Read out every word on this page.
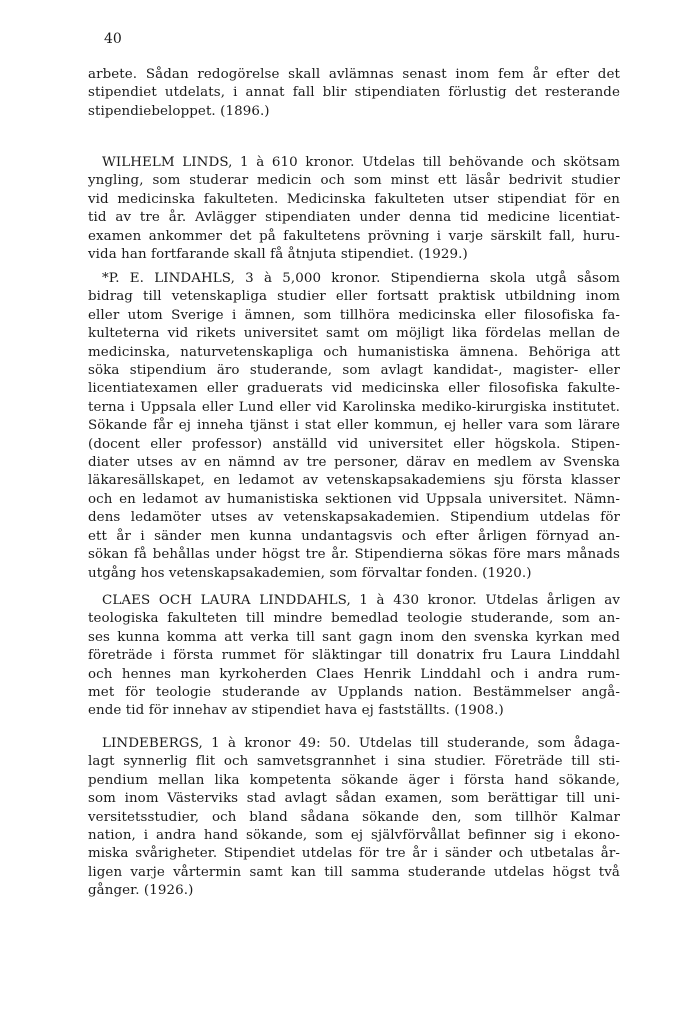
40
arbete. Sådan redogörelse skall avlämnas senast inom fem år efter det
stipendiet utdelats, i annat fall blir stipendiaten förlustig det resterande
stipendiebeloppet. (1896.)
WILHELM LINDS, 1 à 610 kronor. Utdelas till behövande och skötsam
yngling, som studerar medicin och som minst ett läsår bedrivit studier
vid medicinska fakulteten. Medicinska fakulteten utser stipendiat för en
tid av tre år. Avlägger stipendiaten under denna tid medicine licentiat-
examen ankommer det på fakultetens prövning i varje särskilt fall, huru-
vida han fortfarande skall få åtnjuta stipendiet. (1929.)
*P. E. LINDAHLS, 3 à 5,000 kronor. Stipendierna skola utgå såsom
bidrag till vetenskapliga studier eller fortsatt praktisk utbildning inom
eller utom Sverige i ämnen, som tillhöra medicinska eller filosofiska fa-
kulteterna vid rikets universitet samt om möjligt lika fördelas mellan de
medicinska, naturvetenskapliga och humanistiska ämnena. Behöriga att
söka stipendium äro studerande, som avlagt kandidat-, magister- eller
licentiatexamen eller graduerats vid medicinska eller filosofiska fakulte-
terna i Uppsala eller Lund eller vid Karolinska mediko-kirurgiska institutet.
Sökande får ej inneha tjänst i stat eller kommun, ej heller vara som lärare
(docent eller professor) anställd vid universitet eller högskola. Stipen-
diater utses av en nämnd av tre personer, därav en medlem av Svenska
läkaresällskapet, en ledamot av vetenskapsakademiens sju första klasser
och en ledamot av humanistiska sektionen vid Uppsala universitet. Nämn-
dens ledamöter utses av vetenskapsakademien. Stipendium utdelas för
ett år i sänder men kunna undantagsvis och efter årligen förnyad an-
sökan få behållas under högst tre år. Stipendierna sökas före mars månads
utgång hos vetenskapsakademien, som förvaltar fonden. (1920.)
CLAES OCH LAURA LINDDAHLS, 1 à 430 kronor. Utdelas årligen av
teologiska fakulteten till mindre bemedlad teologie studerande, som an-
ses kunna komma att verka till sant gagn inom den svenska kyrkan med
företräde i första rummet för släktingar till donatrix fru Laura Linddahl
och hennes man kyrkoherden Claes Henrik Linddahl och i andra rum-
met för teologie studerande av Upplands nation. Bestämmelser angå-
ende tid för innehav av stipendiet hava ej fastställts. (1908.)
LINDEBERGS, 1 à kronor 49: 50. Utdelas till studerande, som ådaga-
lagt synnerlig flit och samvetsgrannhet i sina studier. Företräde till sti-
pendium mellan lika kompetenta sökande äger i första hand sökande,
som inom Västerviks stad avlagt sådan examen, som berättigar till uni-
versitetsstudier, och bland sådana sökande den, som tillhör Kalmar
nation, i andra hand sökande, som ej självförvållat befinner sig i ekono-
miska svårigheter. Stipendiet utdelas för tre år i sänder och utbetalas år-
ligen varje vårtermin samt kan till samma studerande utdelas högst två
gånger. (1926.)
